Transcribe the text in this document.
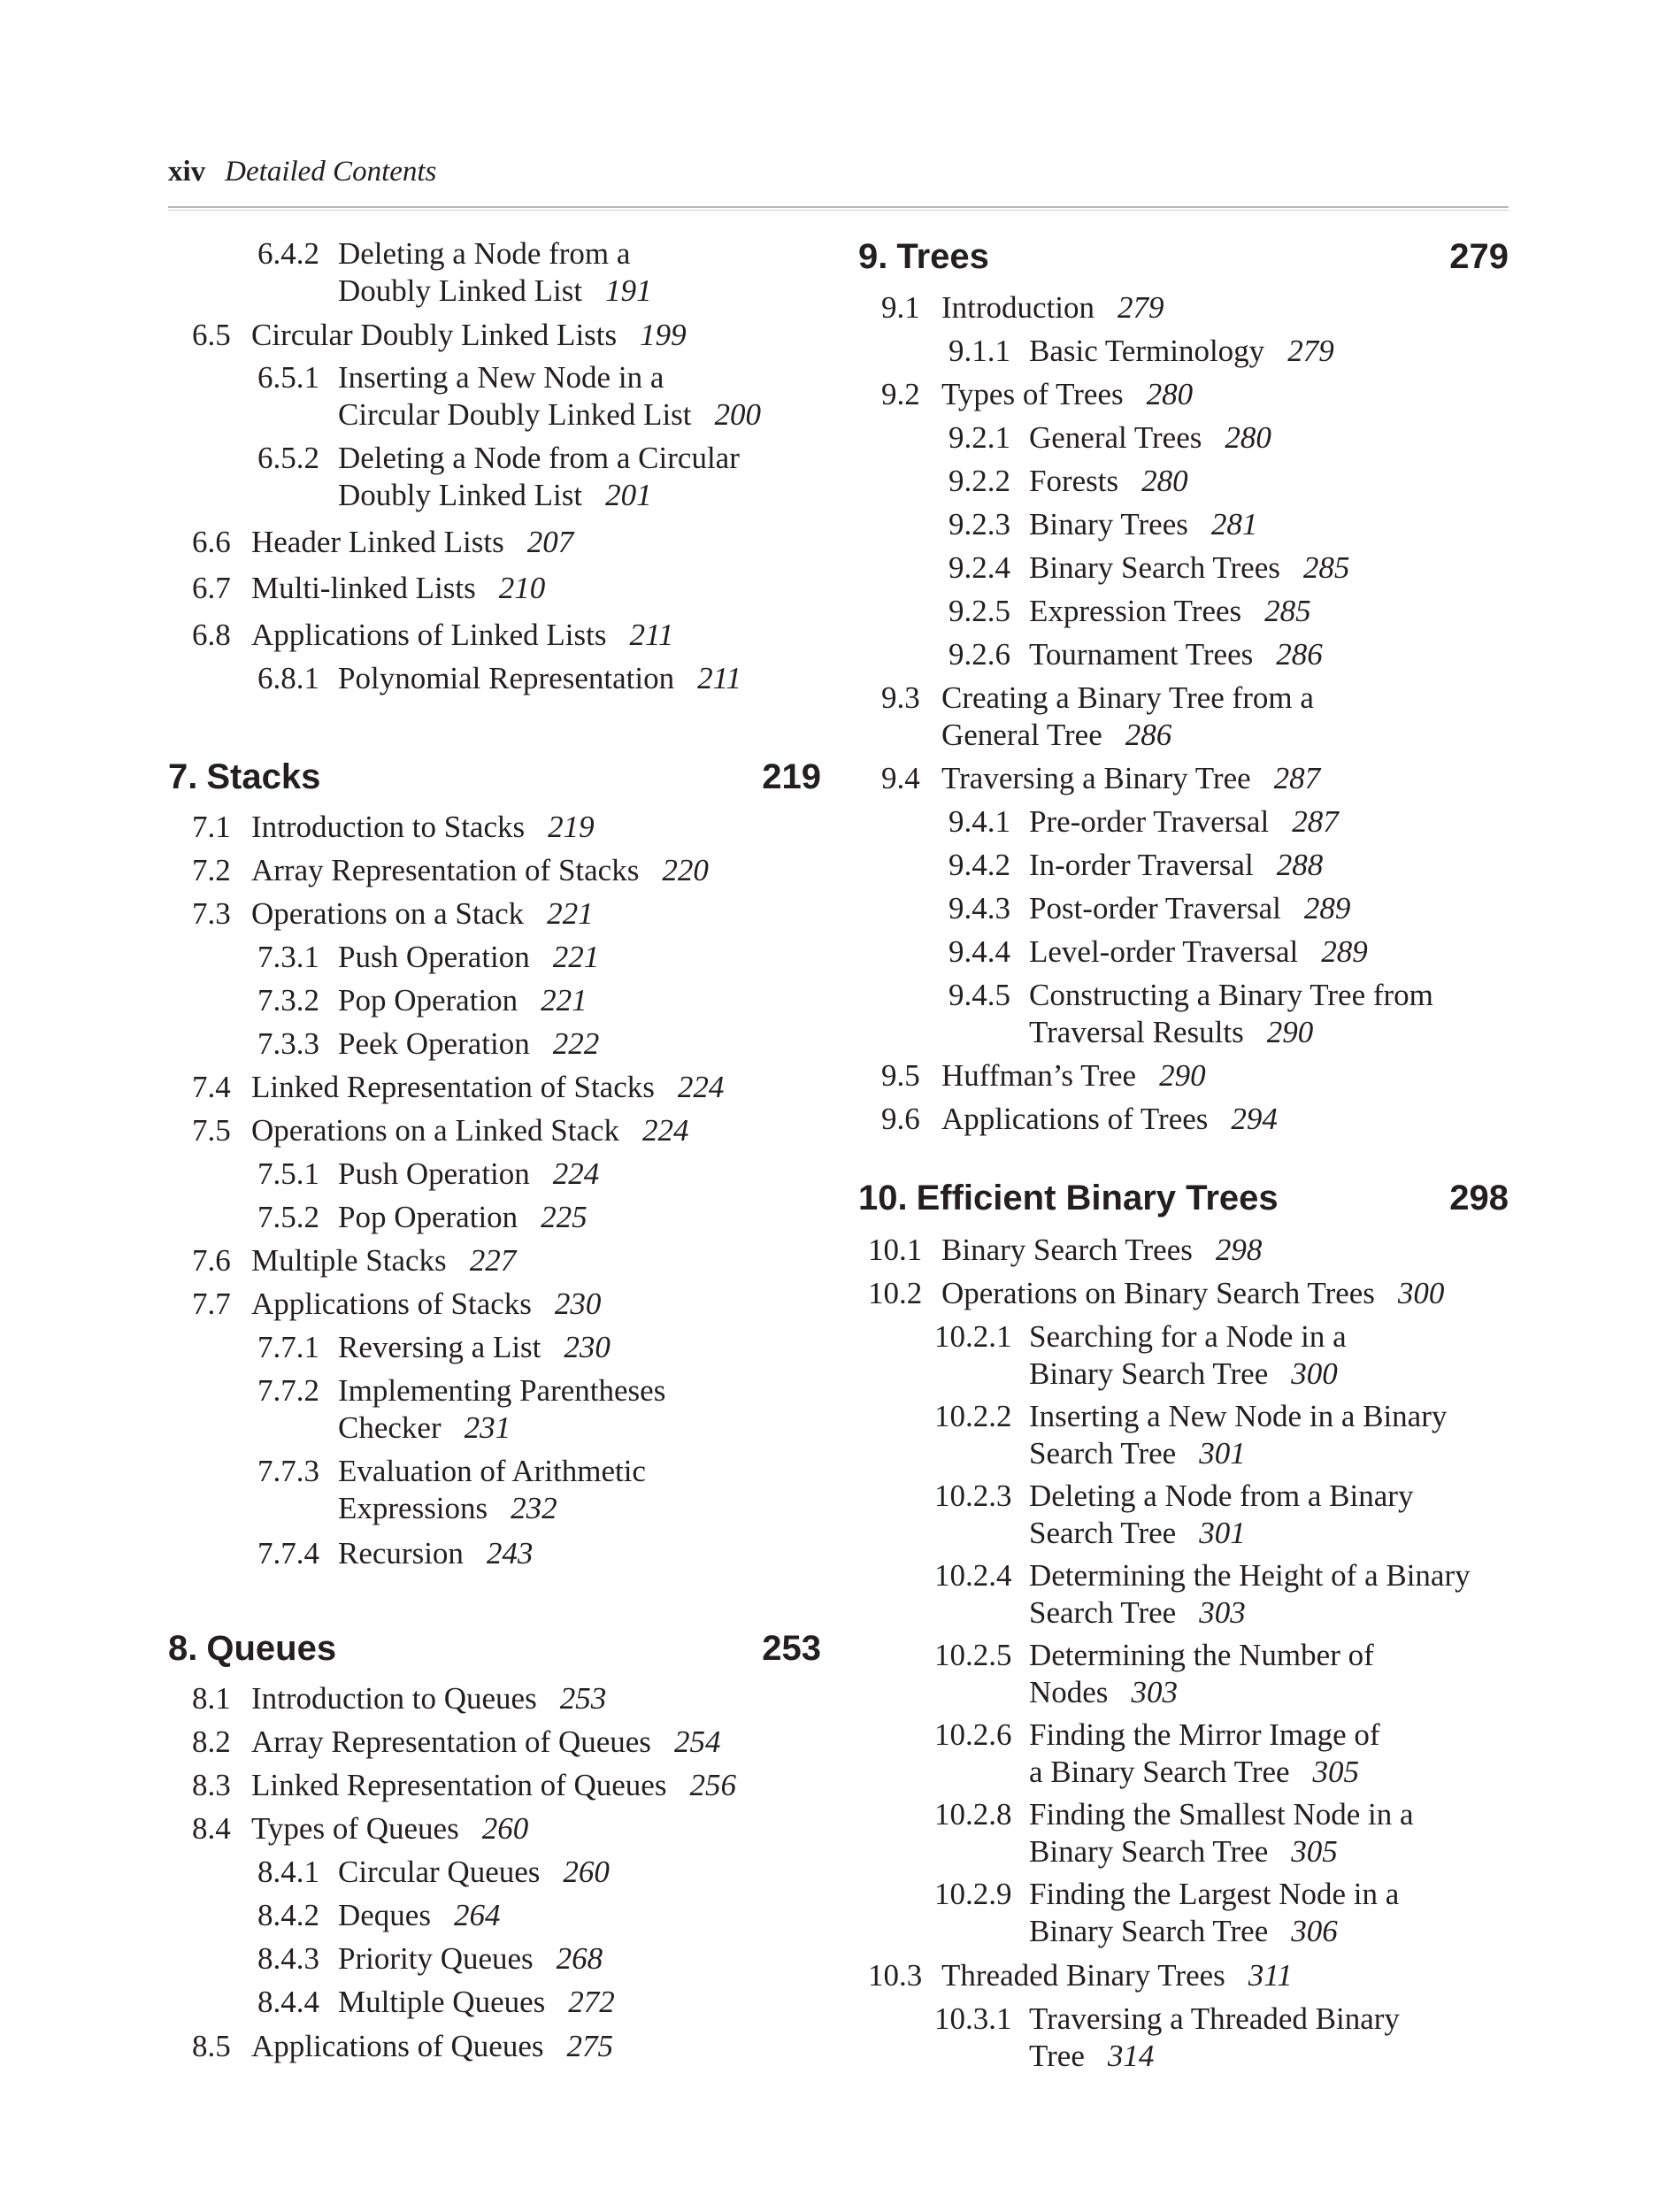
xiv Detailed Contents
6.4.2 Deleting a Node from a
Doubly Linked List 191
6.5 Circular Doubly Linked Lists 199
6.5.1 Inserting a New Node in a
Circular Doubly Linked List 200
6.5.2 Deleting a Node from a Circular
Doubly Linked List 201
6.6 Header Linked Lists 207
6.7 Multi-linked Lists 210
6.8 Applications of Linked Lists 211
6.8.1 Polynomial Representation 211
7. Stacks	219
7.1 Introduction to Stacks 219
7.2 Array Representation of Stacks 220
7.3 Operations on a Stack 221
7.3.1 Push Operation 221
7.3.2 Pop Operation 221
7.3.3 Peek Operation 222
7.4 Linked Representation of Stacks 224
7.5 Operations on a Linked Stack 224
7.5.1 Push Operation 224
7.5.2 Pop Operation 225
7.6 Multiple Stacks 227
7.7 Applications of Stacks 230
7.7.1 Reversing a List 230
7.7.2 Implementing Parentheses
Checker 231
7.7.3 Evaluation of Arithmetic
Expressions 232
7.7.4 Recursion 243
8. Queues	253
8.1 Introduction to Queues 253
8.2 Array Representation of Queues 254
8.3 Linked Representation of Queues 256
8.4 Types of Queues 260
8.4.1 Circular Queues 260
8.4.2 Deques 264
8.4.3 Priority Queues 268
8.4.4 Multiple Queues 272
8.5 Applications of Queues 275
9. Trees	279
9.1 Introduction 279
9.1.1 Basic Terminology 279
9.2 Types of Trees 280
9.2.1 General Trees 280
9.2.2 Forests 280
9.2.3 Binary Trees 281
9.2.4 Binary Search Trees 285
9.2.5 Expression Trees 285
9.2.6 Tournament Trees 286
9.3 Creating a Binary Tree from a
General Tree 286
9.4 Traversing a Binary Tree 287
9.4.1 Pre-order Traversal 287
9.4.2 In-order Traversal 288
9.4.3 Post-order Traversal 289
9.4.4 Level-order Traversal 289
9.4.5 Constructing a Binary Tree from
Traversal Results 290
9.5 Huffman’s Tree 290
9.6 Applications of Trees 294
10. Efficient Binary Trees	298
10.1 Binary Search Trees 298
10.2 Operations on Binary Search Trees 300
10.2.1 Searching for a Node in a
Binary Search Tree 300
10.2.2 Inserting a New Node in a Binary
Search Tree 301
10.2.3 Deleting a Node from a Binary
Search Tree 301
10.2.4 Determining the Height of a Binary
Search Tree 303
10.2.5 Determining the Number of
Nodes 303
10.2.6 Finding the Mirror Image of
a Binary Search Tree 305
10.2.8 Finding the Smallest Node in a
Binary Search Tree 305
10.2.9 Finding the Largest Node in a
Binary Search Tree 306
10.3 Threaded Binary Trees 311
10.3.1 Traversing a Threaded Binary
Tree 314
